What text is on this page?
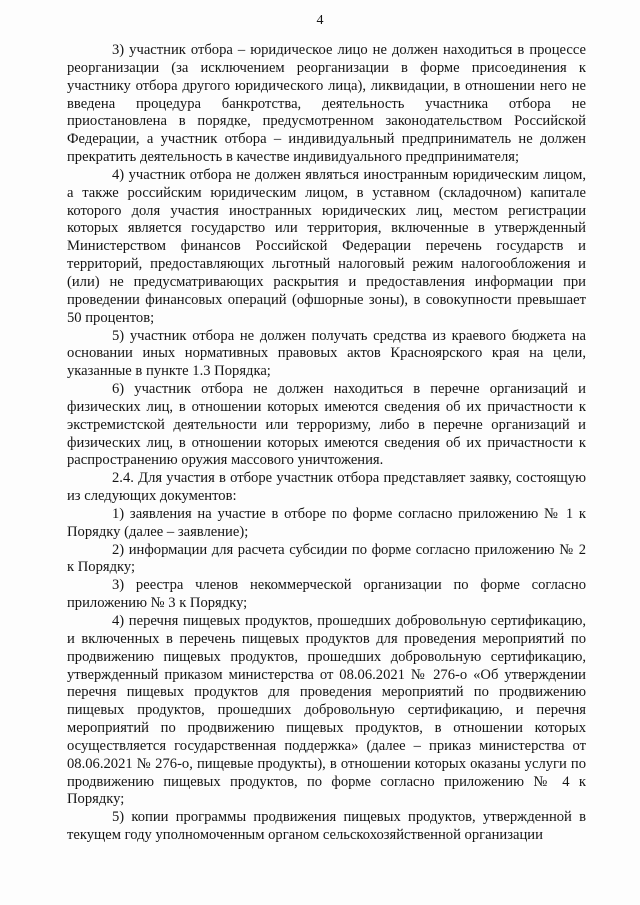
4

3) участник отбора – юридическое лицо не должен находиться в процессе реорганизации (за исключением реорганизации в форме присоединения к участнику отбора другого юридического лица), ликвидации, в отношении него не введена процедура банкротства, деятельность участника отбора не приостановлена в порядке, предусмотренном законодательством Российской Федерации, а участник отбора – индивидуальный предприниматель не должен прекратить деятельность в качестве индивидуального предпринимателя;

4) участник отбора не должен являться иностранным юридическим лицом, а также российским юридическим лицом, в уставном (складочном) капитале которого доля участия иностранных юридических лиц, местом регистрации которых является государство или территория, включенные в утвержденный Министерством финансов Российской Федерации перечень государств и территорий, предоставляющих льготный налоговый режим налогообложения и (или) не предусматривающих раскрытия и предоставления информации при проведении финансовых операций (офшорные зоны), в совокупности превышает 50 процентов;

5) участник отбора не должен получать средства из краевого бюджета на основании иных нормативных правовых актов Красноярского края на цели, указанные в пункте 1.3 Порядка;

6) участник отбора не должен находиться в перечне организаций и физических лиц, в отношении которых имеются сведения об их причастности к экстремистской деятельности или терроризму, либо в перечне организаций и физических лиц, в отношении которых имеются сведения об их причастности к распространению оружия массового уничтожения.

2.4. Для участия в отборе участник отбора представляет заявку, состоящую из следующих документов:

1) заявления на участие в отборе по форме согласно приложению № 1 к Порядку (далее – заявление);

2) информации для расчета субсидии по форме согласно приложению № 2 к Порядку;

3) реестра членов некоммерческой организации по форме согласно приложению № 3 к Порядку;

4) перечня пищевых продуктов, прошедших добровольную сертификацию, и включенных в перечень пищевых продуктов для проведения мероприятий по продвижению пищевых продуктов, прошедших добровольную сертификацию, утвержденный приказом министерства от 08.06.2021 № 276-о «Об утверждении перечня пищевых продуктов для проведения мероприятий по продвижению пищевых продуктов, прошедших добровольную сертификацию, и перечня мероприятий по продвижению пищевых продуктов, в отношении которых осуществляется государственная поддержка» (далее – приказ министерства от 08.06.2021 № 276-о, пищевые продукты), в отношении которых оказаны услуги по продвижению пищевых продуктов, по форме согласно приложению № 4 к Порядку;

5) копии программы продвижения пищевых продуктов, утвержденной в текущем году уполномоченным органом сельскохозяйственной организации
